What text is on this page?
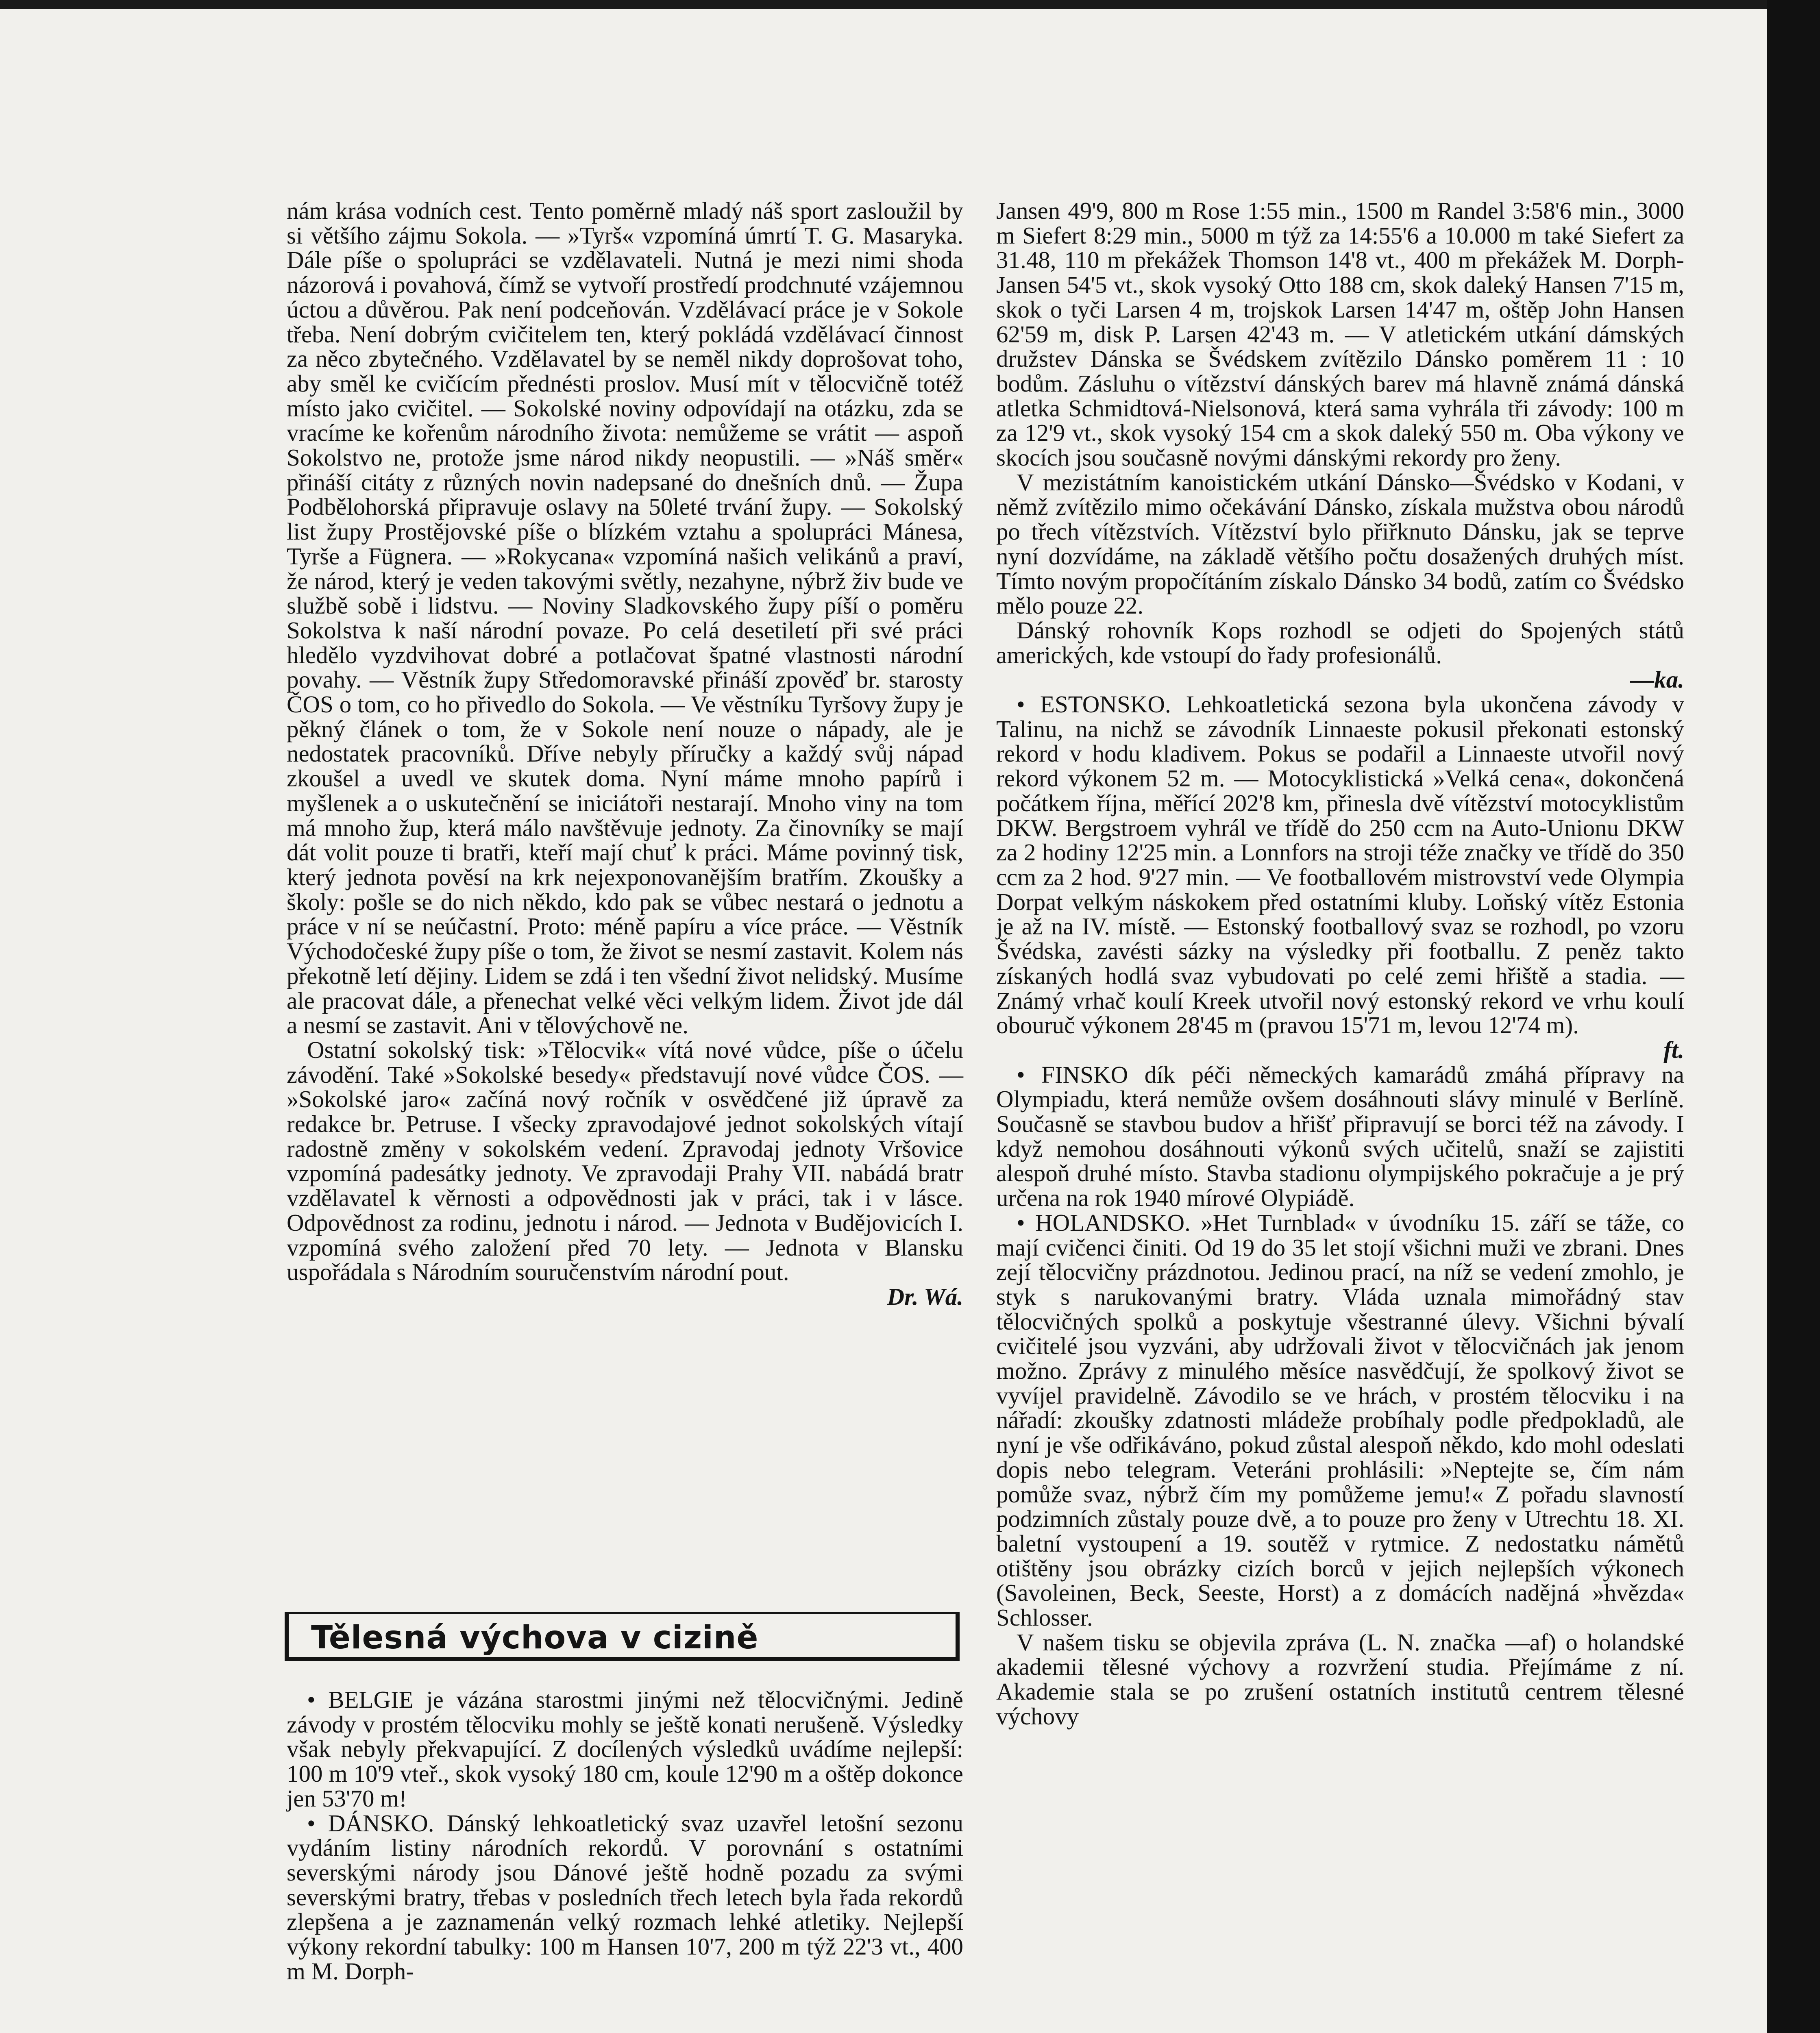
nám krása vodních cest. Tento poměrně mladý náš sport zasloužil by si většího zájmu Sokola. — »Tyrš« vzpomíná úmrtí T. G. Masaryka. Dále píše o spolupráci se vzdělavateli. Nutná je mezi nimi shoda názorová i povahová, čímž se vytvoří prostředí prodchnuté vzájemnou úctou a důvěrou. Pak není podceňován. Vzdělávací práce je v Sokole třeba. Není dobrým cvičitelem ten, který pokládá vzdělávací činnost za něco zbytečného. Vzdělavatel by se neměl nikdy doprošovat toho, aby směl ke cvičícím přednésti proslov. Musí mít v tělocvičně totéž místo jako cvičitel. — Sokolské noviny odpovídají na otázku, zda se vracíme ke kořenům národního života: nemůžeme se vrátit — aspoň Sokolstvo ne, protože jsme národ nikdy neopustili. — »Náš směr« přináší citáty z různých novin nadepsané do dnešních dnů. — Župa Podbělohorská připravuje oslavy na 50leté trvání župy. — Sokolský list župy Prostějovské píše o blízkém vztahu a spolupráci Mánesa, Tyrše a Fügnera. — »Rokycana« vzpomíná našich velikánů a praví, že národ, který je veden takovými světly, nezahyne, nýbrž živ bude ve službě sobě i lidstvu. — Noviny Sladkovského župy píší o poměru Sokolstva k naší národní povaze. Po celá desetiletí při své práci hledělo vyzdvihovat dobré a potlačovat špatné vlastnosti národní povahy. — Věstník župy Středomoravské přináší zpověď br. starosty ČOS o tom, co ho přivedlo do Sokola. — Ve věstníku Tyršovy župy je pěkný článek o tom, že v Sokole není nouze o nápady, ale je nedostatek pracovníků. Dříve nebyly příručky a každý svůj nápad zkoušel a uvedl ve skutek doma. Nyní máme mnoho papírů i myšlenek a o uskutečnění se iniciátoři nestarají. Mnoho viny na tom má mnoho žup, která málo navštěvuje jednoty. Za činovníky se mají dát volit pouze ti bratři, kteří mají chuť k práci. Máme povinný tisk, který jednota pověsí na krk nejexponovanějším bratřím. Zkoušky a školy: pošle se do nich někdo, kdo pak se vůbec nestará o jednotu a práce v ní se neúčastní. Proto: méně papíru a více práce. — Věstník Východočeské župy píše o tom, že život se nesmí zastavit. Kolem nás překotně letí dějiny. Lidem se zdá i ten všední život nelidský. Musíme ale pracovat dále, a přenechat velké věci velkým lidem. Život jde dál a nesmí se zastavit. Ani v tělovýchově ne.

Ostatní sokolský tisk: »Tělocvik« vítá nové vůdce, píše o účelu závodění. Také »Sokolské besedy« představují nové vůdce ČOS. — »Sokolské jaro« začíná nový ročník v osvědčené již úpravě za redakce br. Petruse. I všecky zpravodajové jednot sokolských vítají radostně změny v sokolském vedení. Zpravodaj jednoty Vršovice vzpomíná padesátky jednoty. Ve zpravodaji Prahy VII. nabádá bratr vzdělavatel k věrnosti a odpovědnosti jak v práci, tak i v lásce. Odpovědnost za rodinu, jednotu i národ. — Jednota v Budějovicích I. vzpomíná svého založení před 70 lety. — Jednota v Blansku uspořádala s Národním souručenstvím národní pout.

Dr. Wá.
Tělesná výchova v cizině

• BELGIE je vázána starostmi jinými než tělocvičnými. Jedině závody v prostém tělocviku mohly se ještě konati nerušeně. Výsledky však nebyly překvapující. Z docílených výsledků uvádíme nejlepší: 100 m 10'9 vteř., skok vysoký 180 cm, koule 12'90 m a oštěp dokonce jen 53'70 m!

• DÁNSKO. Dánský lehkoatletický svaz uzavřel letošní sezonu vydáním listiny národních rekordů. V porovnání s ostatními severskými národy jsou Dánové ještě hodně pozadu za svými severskými bratry, třebas v posledních třech letech byla řada rekordů zlepšena a je zaznamenán velký rozmach lehké atletiky. Nejlepší výkony rekordní tabulky: 100 m Hansen 10'7, 200 m týž 22'3 vt., 400 m M. Dorph-

Jansen 49'9, 800 m Rose 1:55 min., 1500 m Randel 3:58'6 min., 3000 m Siefert 8:29 min., 5000 m týž za 14:55'6 a 10.000 m také Siefert za 31.48, 110 m překážek Thomson 14'8 vt., 400 m překážek M. Dorph-Jansen 54'5 vt., skok vysoký Otto 188 cm, skok daleký Hansen 7'15 m, skok o tyči Larsen 4 m, trojskok Larsen 14'47 m, oštěp John Hansen 62'59 m, disk P. Larsen 42'43 m. — V atletickém utkání dámských družstev Dánska se Švédskem zvítězilo Dánsko poměrem 11 : 10 bodům. Zásluhu o vítězství dánských barev má hlavně známá dánská atletka Schmidtová-Nielsonová, která sama vyhrála tři závody: 100 m za 12'9 vt., skok vysoký 154 cm a skok daleký 550 m. Oba výkony ve skocích jsou současně novými dánskými rekordy pro ženy.

V mezistátním kanoistickém utkání Dánsko—Švédsko v Kodani, v němž zvítězilo mimo očekávání Dánsko, získala mužstva obou národů po třech vítězstvích. Vítězství bylo přiřknuto Dánsku, jak se teprve nyní dozvídáme, na základě většího počtu dosažených druhých míst. Tímto novým propočítáním získalo Dánsko 34 bodů, zatím co Švédsko mělo pouze 22.

Dánský rohovník Kops rozhodl se odjeti do Spojených států amerických, kde vstoupí do řady profesionálů.

—ka.

• ESTONSKO. Lehkoatletická sezona byla ukončena závody v Talinu, na nichž se závodník Linnaeste pokusil překonati estonský rekord v hodu kladivem. Pokus se podařil a Linnaeste utvořil nový rekord výkonem 52 m. — Motocyklistická »Velká cena«, dokončená počátkem října, měřící 202'8 km, přinesla dvě vítězství motocyklistům DKW. Bergstroem vyhrál ve třídě do 250 ccm na Auto-Unionu DKW za 2 hodiny 12'25 min. a Lonnfors na stroji téže značky ve třídě do 350 ccm za 2 hod. 9'27 min. — Ve footballovém mistrovství vede Olympia Dorpat velkým náskokem před ostatními kluby. Loňský vítěz Estonia je až na IV. místě. — Estonský footballový svaz se rozhodl, po vzoru Švédska, zavésti sázky na výsledky při footballu. Z peněz takto získaných hodlá svaz vybudovati po celé zemi hřiště a stadia. — Známý vrhač koulí Kreek utvořil nový estonský rekord ve vrhu koulí obouruč výkonem 28'45 m (pravou 15'71 m, levou 12'74 m).

ft.

• FINSKO dík péči německých kamarádů zmáhá přípravy na Olympiadu, která nemůže ovšem dosáhnouti slávy minulé v Berlíně. Současně se stavbou budov a hřišť připravují se borci též na závody. I když nemohou dosáhnouti výkonů svých učitelů, snaží se zajistiti alespoň druhé místo. Stavba stadionu olympijského pokračuje a je prý určena na rok 1940 mírové Olypiádě.

• HOLANDSKO. »Het Turnblad« v úvodníku 15. září se táže, co mají cvičenci činiti. Od 19 do 35 let stojí všichni muži ve zbrani. Dnes zejí tělocvičny prázdnotou. Jedinou prací, na níž se vedení zmohlo, je styk s narukovanými bratry. Vláda uznala mimořádný stav tělocvičných spolků a poskytuje všestranné úlevy. Všichni bývalí cvičitelé jsou vyzváni, aby udržovali život v tělocvičnách jak jenom možno. Zprávy z minulého měsíce nasvědčují, že spolkový život se vyvíjel pravidelně. Závodilo se ve hrách, v prostém tělocviku i na nářadí: zkoušky zdatnosti mládeže probíhaly podle předpokladů, ale nyní je vše odřikáváno, pokud zůstal alespoň někdo, kdo mohl odeslati dopis nebo telegram. Veteráni prohlásili: »Neptejte se, čím nám pomůže svaz, nýbrž čím my pomůžeme jemu!« Z pořadu slavností podzimních zůstaly pouze dvě, a to pouze pro ženy v Utrechtu 18. XI. baletní vystoupení a 19. soutěž v rytmice. Z nedostatku námětů otištěny jsou obrázky cizích borců v jejich nejlepších výkonech (Savoleinen, Beck, Seeste, Horst) a z domácích nadějná »hvězda« Schlosser.

V našem tisku se objevila zpráva (L. N. značka —af) o holandské akademii tělesné výchovy a rozvržení studia. Přejímáme z ní. Akademie stala se po zrušení ostatních institutů centrem tělesné výchovy
